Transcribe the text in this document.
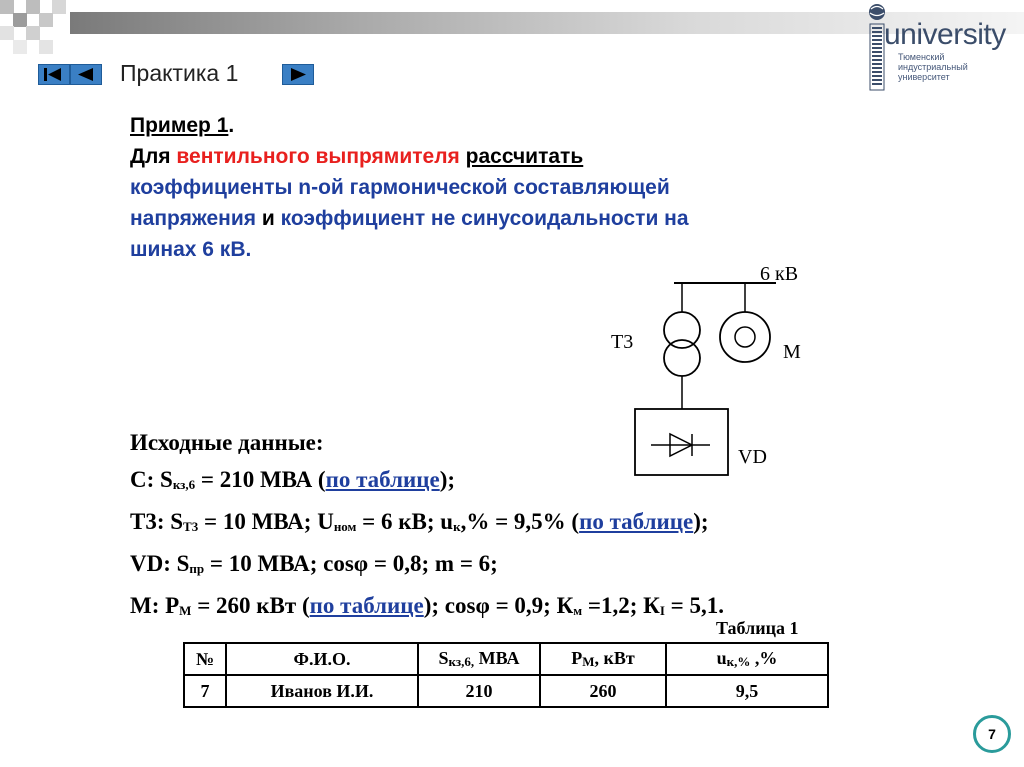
Практика 1
university
Тюменский
индустриальный
университет
Пример 1.
Для вентильного выпрямителя рассчитать
коэффициенты n-ой гармонической составляющей
напряжения и коэффициент не синусоидальности на
шинах 6 кВ.
Исходные данные:
С: $S_{кз,6} = 210$ МВА (по таблице);
Т3: $S_{Т3} = 10$ МВА; $U_{ном} = 6$ кВ; $u_к,\% = 9,5\%$ (по таблице);
VD: $S_{пр} = 10$ МВА; cosφ = 0,8; m = 6;
М: $P_М = 260$ кВт (по таблице); cosφ = 0,9; $К_м =1,2$; $К_I = 5,1$.
6 кВ
Т3	М
VD
Таблица 1
№	Ф.И.О.	$S_{кз,6,}$ МВА	$P_М$, кВт	$u_{к,\%}$ ,%
7	Иванов И.И.	210	260	9,5
7
